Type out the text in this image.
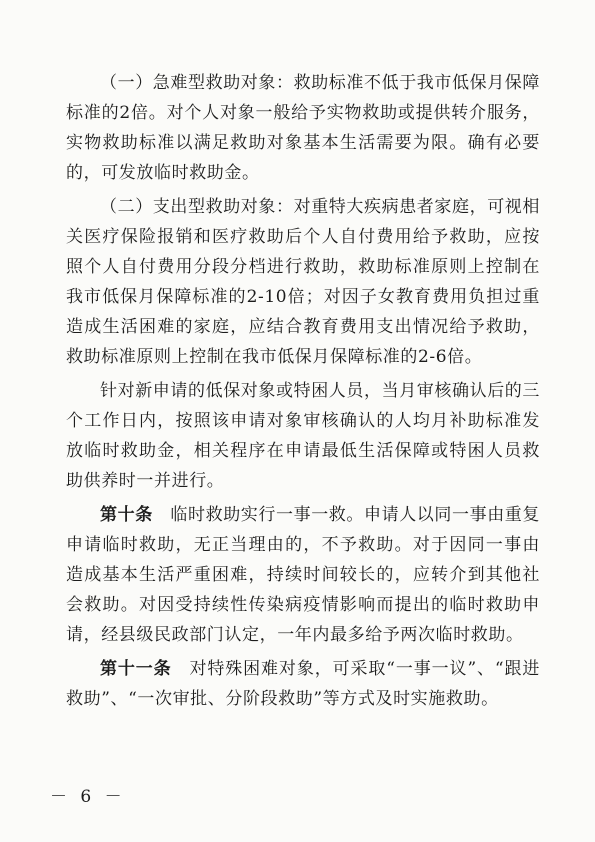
（一）急难型救助对象：救助标准不低于我市低保月保障标准的2倍。对个人对象一般给予实物救助或提供转介服务，实物救助标准以满足救助对象基本生活需要为限。确有必要的，可发放临时救助金。

（二）支出型救助对象：对重特大疾病患者家庭，可视相关医疗保险报销和医疗救助后个人自付费用给予救助，应按照个人自付费用分段分档进行救助，救助标准原则上控制在我市低保月保障标准的2-10倍；对因子女教育费用负担过重造成生活困难的家庭，应结合教育费用支出情况给予救助，救助标准原则上控制在我市低保月保障标准的2-6倍。

针对新申请的低保对象或特困人员，当月审核确认后的三个工作日内，按照该申请对象审核确认的人均月补助标准发放临时救助金，相关程序在申请最低生活保障或特困人员救助供养时一并进行。

第十条　临时救助实行一事一救。申请人以同一事由重复申请临时救助，无正当理由的，不予救助。对于因同一事由造成基本生活严重困难，持续时间较长的，应转介到其他社会救助。对因受持续性传染病疫情影响而提出的临时救助申请，经县级民政部门认定，一年内最多给予两次临时救助。

第十一条　对特殊困难对象，可采取“一事一议”、“跟进救助”、“一次审批、分阶段救助”等方式及时实施救助。

－ 6 －
